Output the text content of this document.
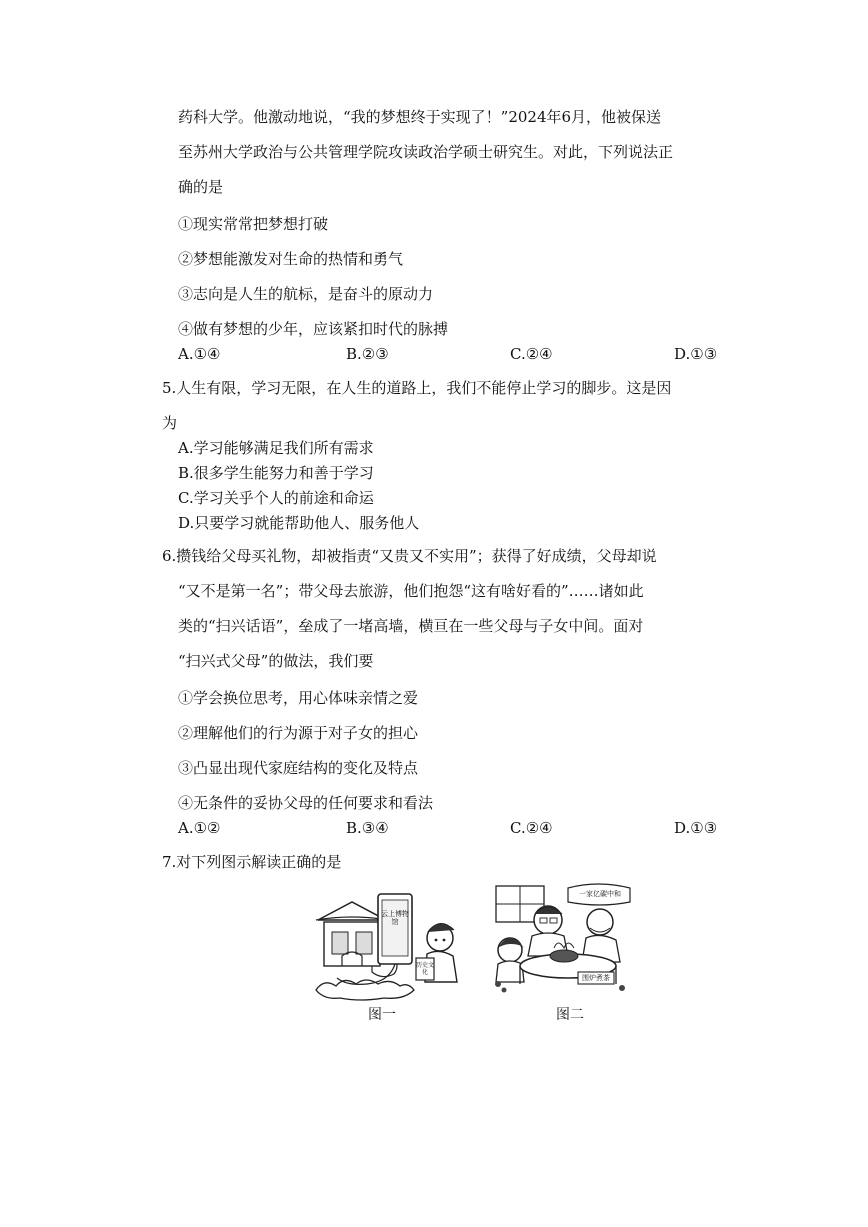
药科大学。他激动地说，“我的梦想终于实现了！”2024年6月，他被保送
至苏州大学政治与公共管理学院攻读政治学硕士研究生。对此，下列说法正
确的是
①现实常常把梦想打破
②梦想能激发对生命的热情和勇气
③志向是人生的航标，是奋斗的原动力
④做有梦想的少年，应该紧扣时代的脉搏
A.①④	B.②③	C.②④	D.①③
5.人生有限，学习无限，在人生的道路上，我们不能停止学习的脚步。这是因
为
A.学习能够满足我们所有需求
B.很多学生能努力和善于学习
C.学习关乎个人的前途和命运
D.只要学习就能帮助他人、服务他人
6.攒钱给父母买礼物，却被指责“又贵又不实用”；获得了好成绩，父母却说
“又不是第一名”；带父母去旅游，他们抱怨“这有啥好看的”……诸如此
类的“扫兴话语”，垒成了一堵高墙，横亘在一些父母与子女中间。面对
“扫兴式父母”的做法，我们要
①学会换位思考，用心体味亲情之爱
②理解他们的行为源于对子女的担心
③凸显出现代家庭结构的变化及特点
④无条件的妥协父母的任何要求和看法
A.①②	B.③④	C.②④	D.①③
7.对下列图示解读正确的是
云上博物馆
历史文化
一家亿碳中和
围炉煮茶
图一	图二
